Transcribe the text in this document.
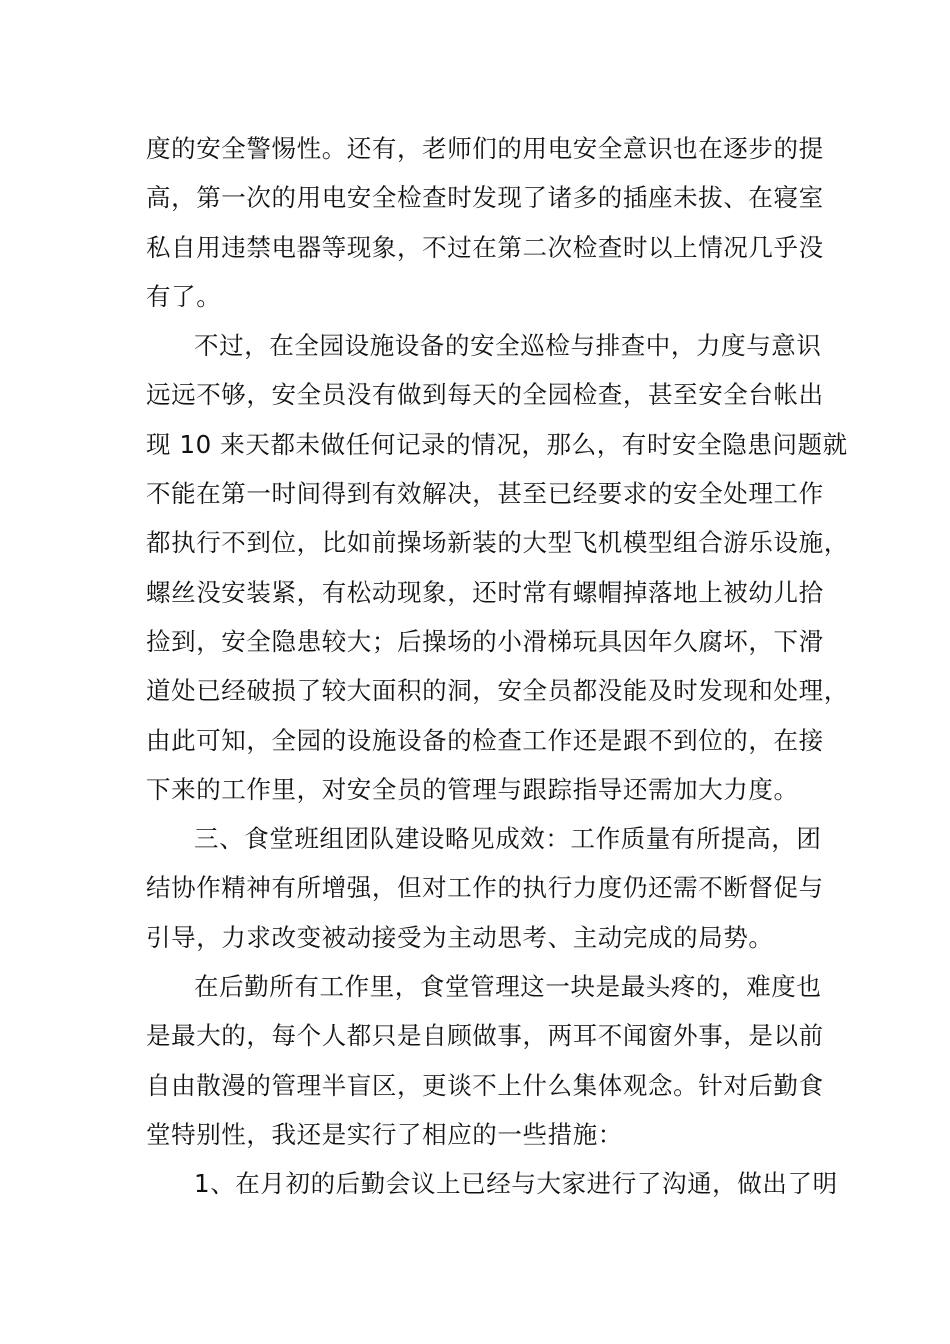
度的安全警惕性。还有，老师们的用电安全意识也在逐步的提
高，第一次的用电安全检查时发现了诸多的插座未拔、在寝室
私自用违禁电器等现象，不过在第二次检查时以上情况几乎没
有了。
不过，在全园设施设备的安全巡检与排查中，力度与意识
远远不够，安全员没有做到每天的全园检查，甚至安全台帐出
现 10 来天都未做任何记录的情况，那么，有时安全隐患问题就
不能在第一时间得到有效解决，甚至已经要求的安全处理工作
都执行不到位，比如前操场新装的大型飞机模型组合游乐设施，
螺丝没安装紧，有松动现象，还时常有螺帽掉落地上被幼儿拾
捡到，安全隐患较大；后操场的小滑梯玩具因年久腐坏，下滑
道处已经破损了较大面积的洞，安全员都没能及时发现和处理，
由此可知，全园的设施设备的检查工作还是跟不到位的，在接
下来的工作里，对安全员的管理与跟踪指导还需加大力度。
三、食堂班组团队建设略见成效：工作质量有所提高，团
结协作精神有所增强，但对工作的执行力度仍还需不断督促与
引导，力求改变被动接受为主动思考、主动完成的局势。
在后勤所有工作里，食堂管理这一块是最头疼的，难度也
是最大的，每个人都只是自顾做事，两耳不闻窗外事，是以前
自由散漫的管理半盲区，更谈不上什么集体观念。针对后勤食
堂特别性，我还是实行了相应的一些措施：
1、在月初的后勤会议上已经与大家进行了沟通，做出了明
